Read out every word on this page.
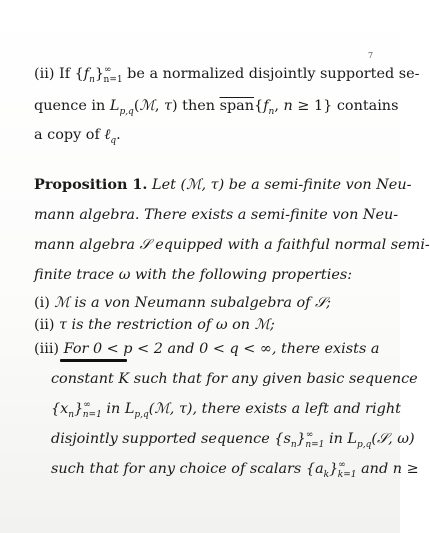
7
(ii) If $\{f_n\}^\infty_{n=1}$ be a normalized disjointly supported se-
quence in $L_{p,q}(ℳ$, τ) then $span\{f_n$, n ≥ 1} contains
a copy of ℓ$_q$.
Proposition 1. Let (ℳ, τ) be a semi-finite von Neu-
mann algebra. There exists a semi-finite von Neu-
mann algebra 𝒮 equipped with a faithful normal semi-
finite trace ω with the following properties:
(i) ℳ is a von Neumann subalgebra of 𝒮;
(ii) τ is the restriction of ω on ℳ;
(iii) For 0 < p < 2 and 0 < q < ∞, there exists a
constant K such that for any given basic sequence
$\{x_n\}^\infty_{n=1}$ in $L_{p,q}(ℳ$, τ), there exists a left and right
disjointly supported sequence $\{s_n\}^\infty_{n=1}$ in $L_{p,q}(𝒮$, ω)
such that for any choice of scalars $\{a_k\}^\infty_{k=1}$ and n ≥
